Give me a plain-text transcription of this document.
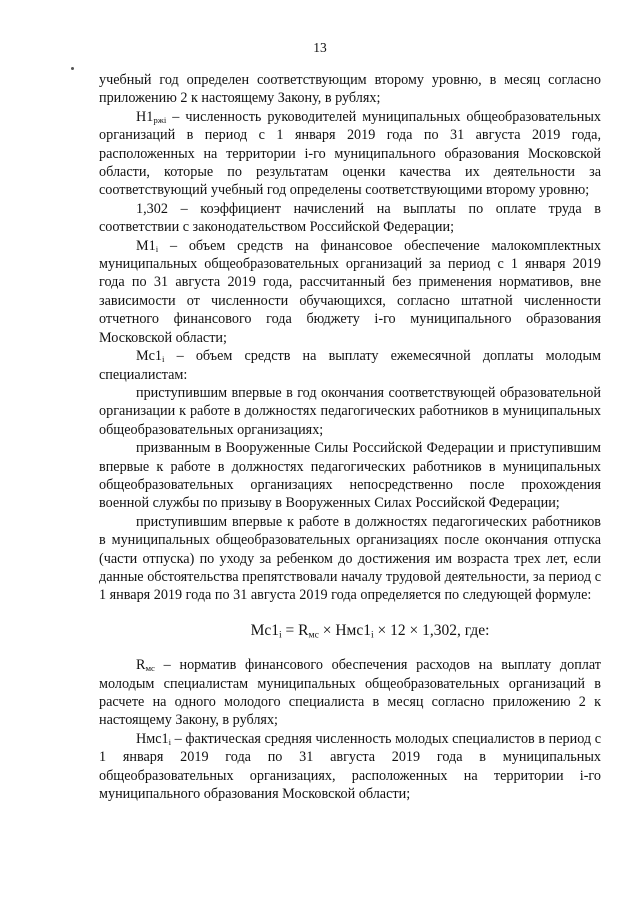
13

учебный год определен соответствующим второму уровню, в месяц согласно приложению 2 к настоящему Закону, в рублях;

$Н1_{ржi}$ – численность руководителей муниципальных общеобразовательных организаций в период с 1 января 2019 года по 31 августа 2019 года, расположенных на территории i-го муниципального образования Московской области, которые по результатам оценки качества их деятельности за соответствующий учебный год определены соответствующими второму уровню;

1,302 – коэффициент начислений на выплаты по оплате труда в соответствии с законодательством Российской Федерации;

$М1_i$ – объем средств на финансовое обеспечение малокомплектных муниципальных общеобразовательных организаций за период с 1 января 2019 года по 31 августа 2019 года, рассчитанный без применения нормативов, вне зависимости от численности обучающихся, согласно штатной численности отчетного финансового года бюджету i-го муниципального образования Московской области;

$Мс1_i$ – объем средств на выплату ежемесячной доплаты молодым специалистам:

приступившим впервые в год окончания соответствующей образовательной организации к работе в должностях педагогических работников в муниципальных общеобразовательных организациях;

призванным в Вооруженные Силы Российской Федерации и приступившим впервые к работе в должностях педагогических работников в муниципальных общеобразовательных организациях непосредственно после прохождения военной службы по призыву в Вооруженных Силах Российской Федерации;

приступившим впервые к работе в должностях педагогических работников в муниципальных общеобразовательных организациях после окончания отпуска (части отпуска) по уходу за ребенком до достижения им возраста трех лет, если данные обстоятельства препятствовали началу трудовой деятельности, за период с 1 января 2019 года по 31 августа 2019 года определяется по следующей формуле:

$Мс1_i = R_{мс} \times Нмс1_i \times 12 \times 1,302$, где:

$R_{мс}$ – норматив финансового обеспечения расходов на выплату доплат молодым специалистам муниципальных общеобразовательных организаций в расчете на одного молодого специалиста в месяц согласно приложению 2 к настоящему Закону, в рублях;

$Нмс1_i$ – фактическая средняя численность молодых специалистов в период с 1 января 2019 года по 31 августа 2019 года в муниципальных общеобразовательных организациях, расположенных на территории i-го муниципального образования Московской области;
